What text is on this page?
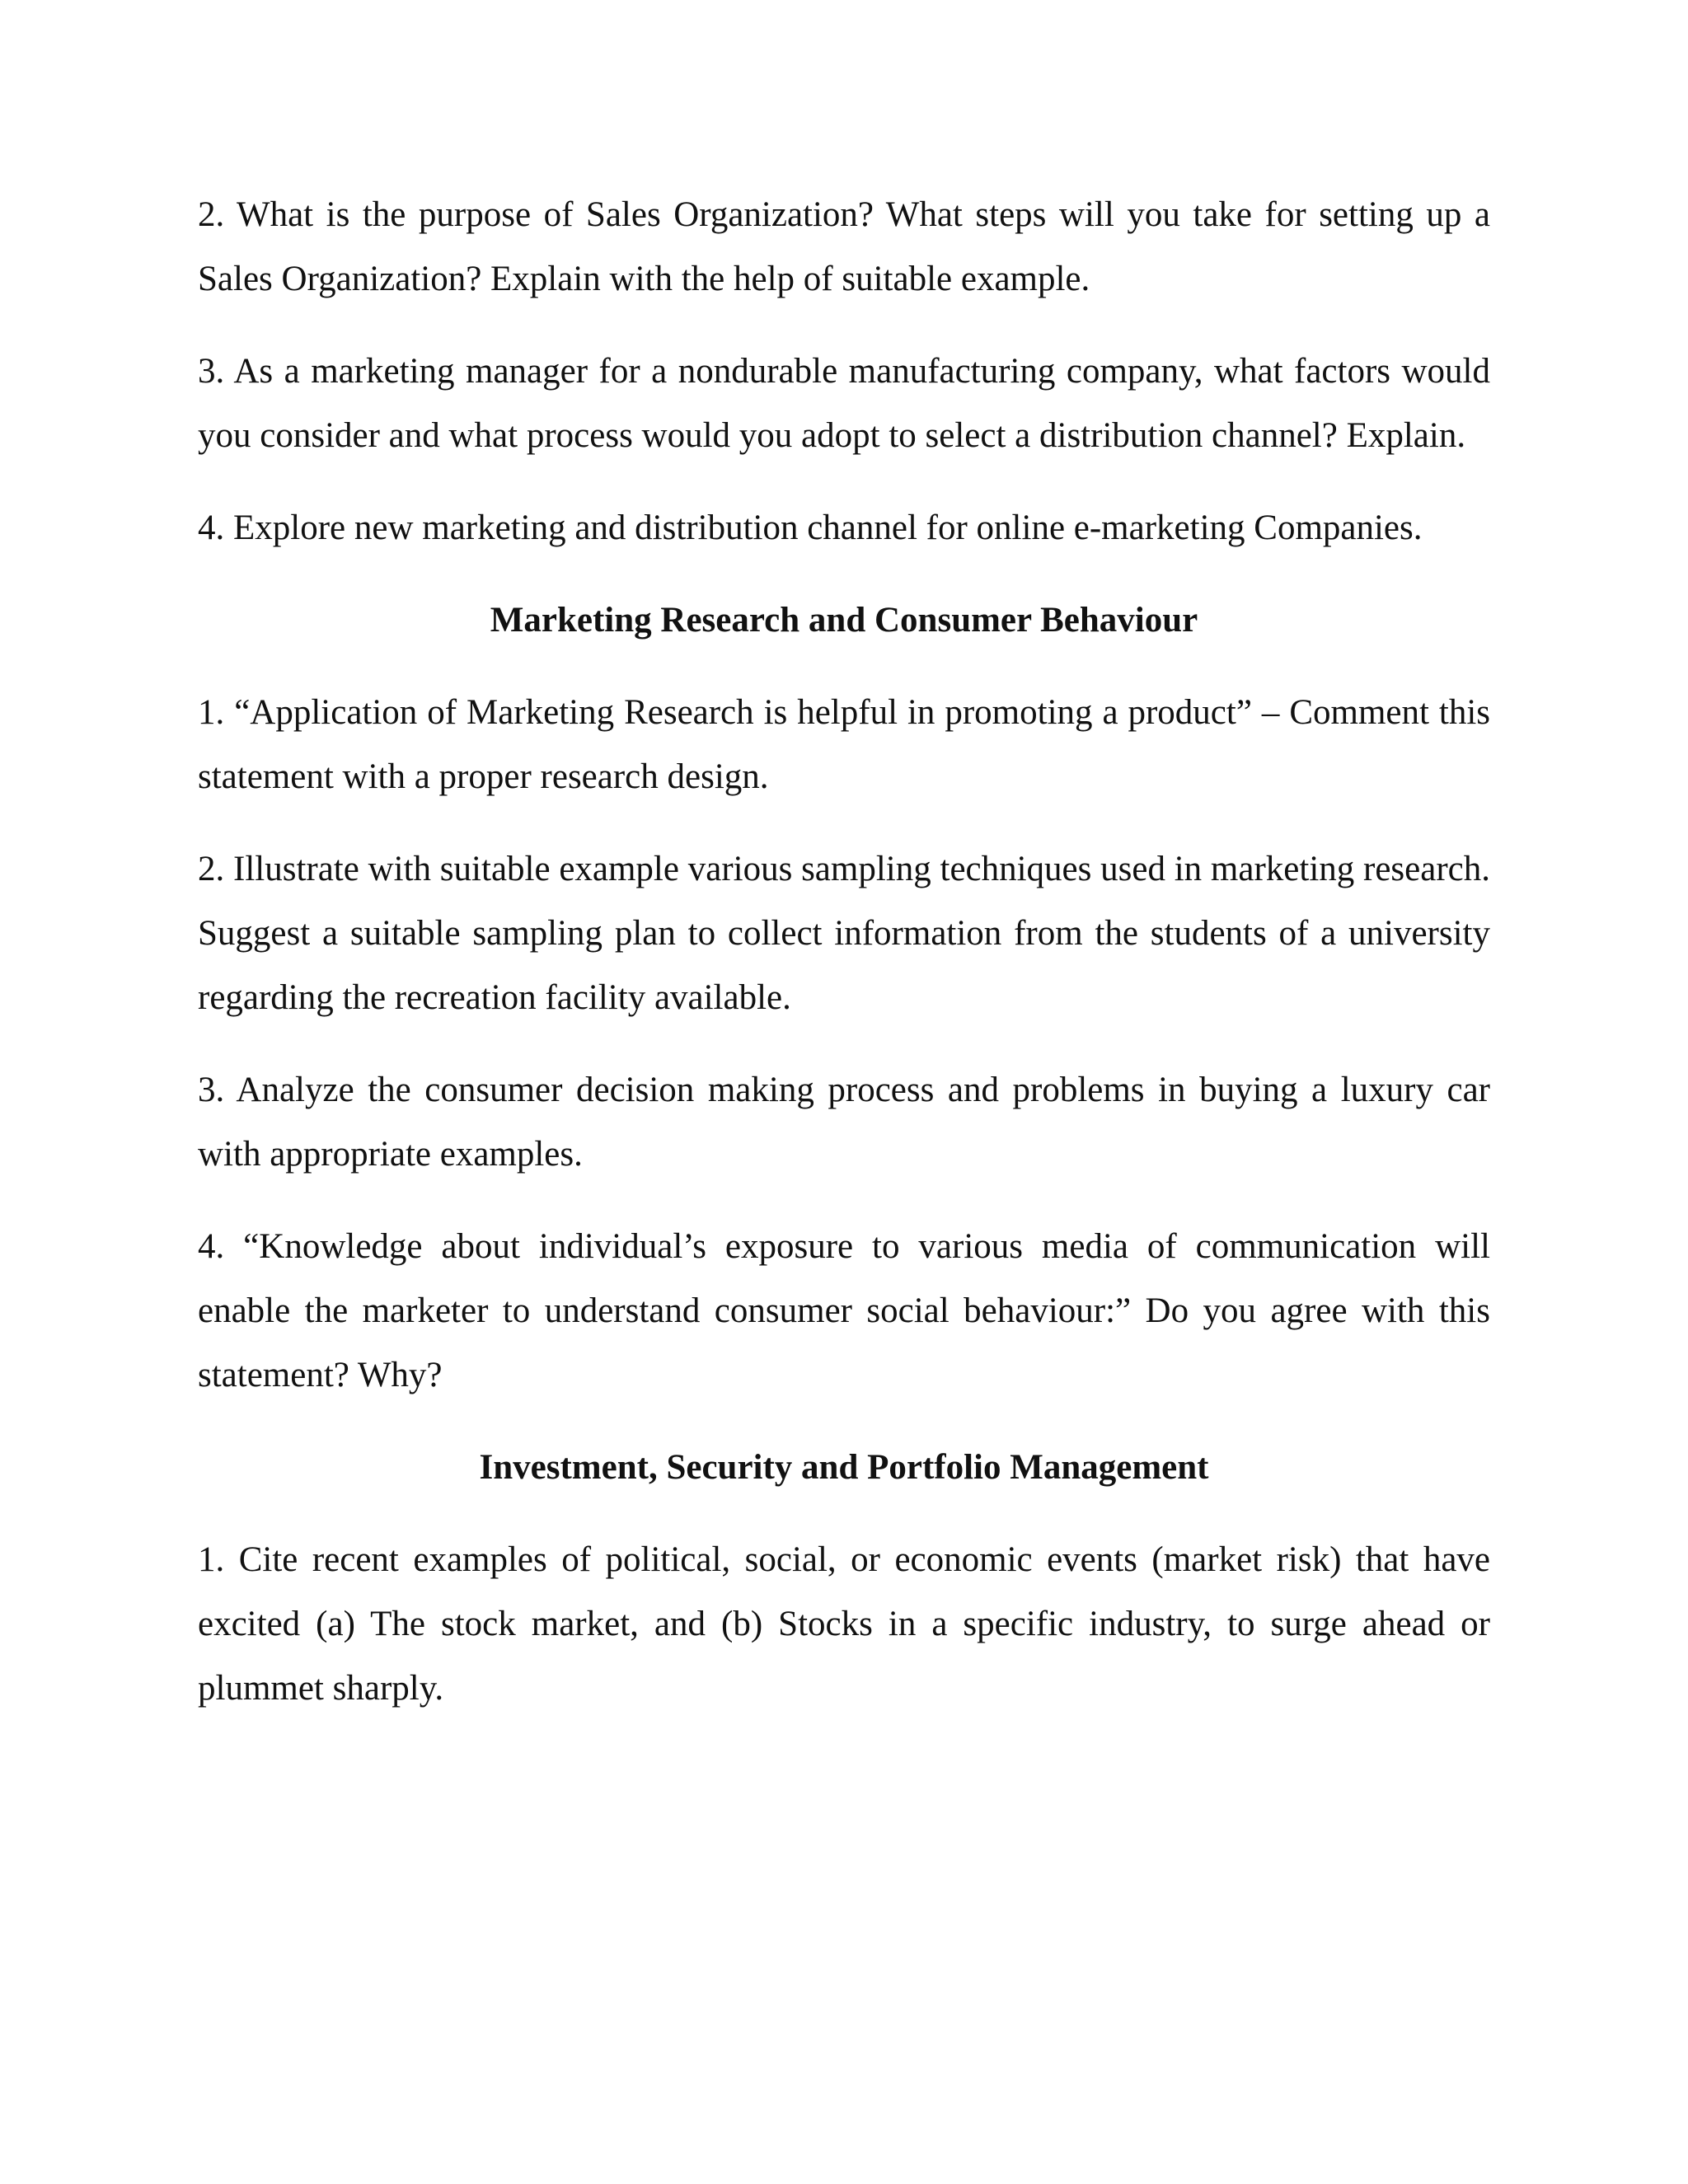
2. What is the purpose of Sales Organization? What steps will you take for setting up a Sales Organization? Explain with the help of suitable example.

3. As a marketing manager for a nondurable manufacturing company, what factors would you consider and what process would you adopt to select a distribution channel? Explain.

4. Explore new marketing and distribution channel for online e-marketing Companies.

Marketing Research and Consumer Behaviour

1. “Application of Marketing Research is helpful in promoting a product” – Comment this statement with a proper research design.

2. Illustrate with suitable example various sampling techniques used in marketing research. Suggest a suitable sampling plan to collect information from the students of a university regarding the recreation facility available.

3. Analyze the consumer decision making process and problems in buying a luxury car with appropriate examples.

4. “Knowledge about individual’s exposure to various media of communication will enable the marketer to understand consumer social behaviour:” Do you agree with this statement? Why?

Investment, Security and Portfolio Management

1. Cite recent examples of political, social, or economic events (market risk) that have excited (a) The stock market, and (b) Stocks in a specific industry, to surge ahead or plummet sharply.
